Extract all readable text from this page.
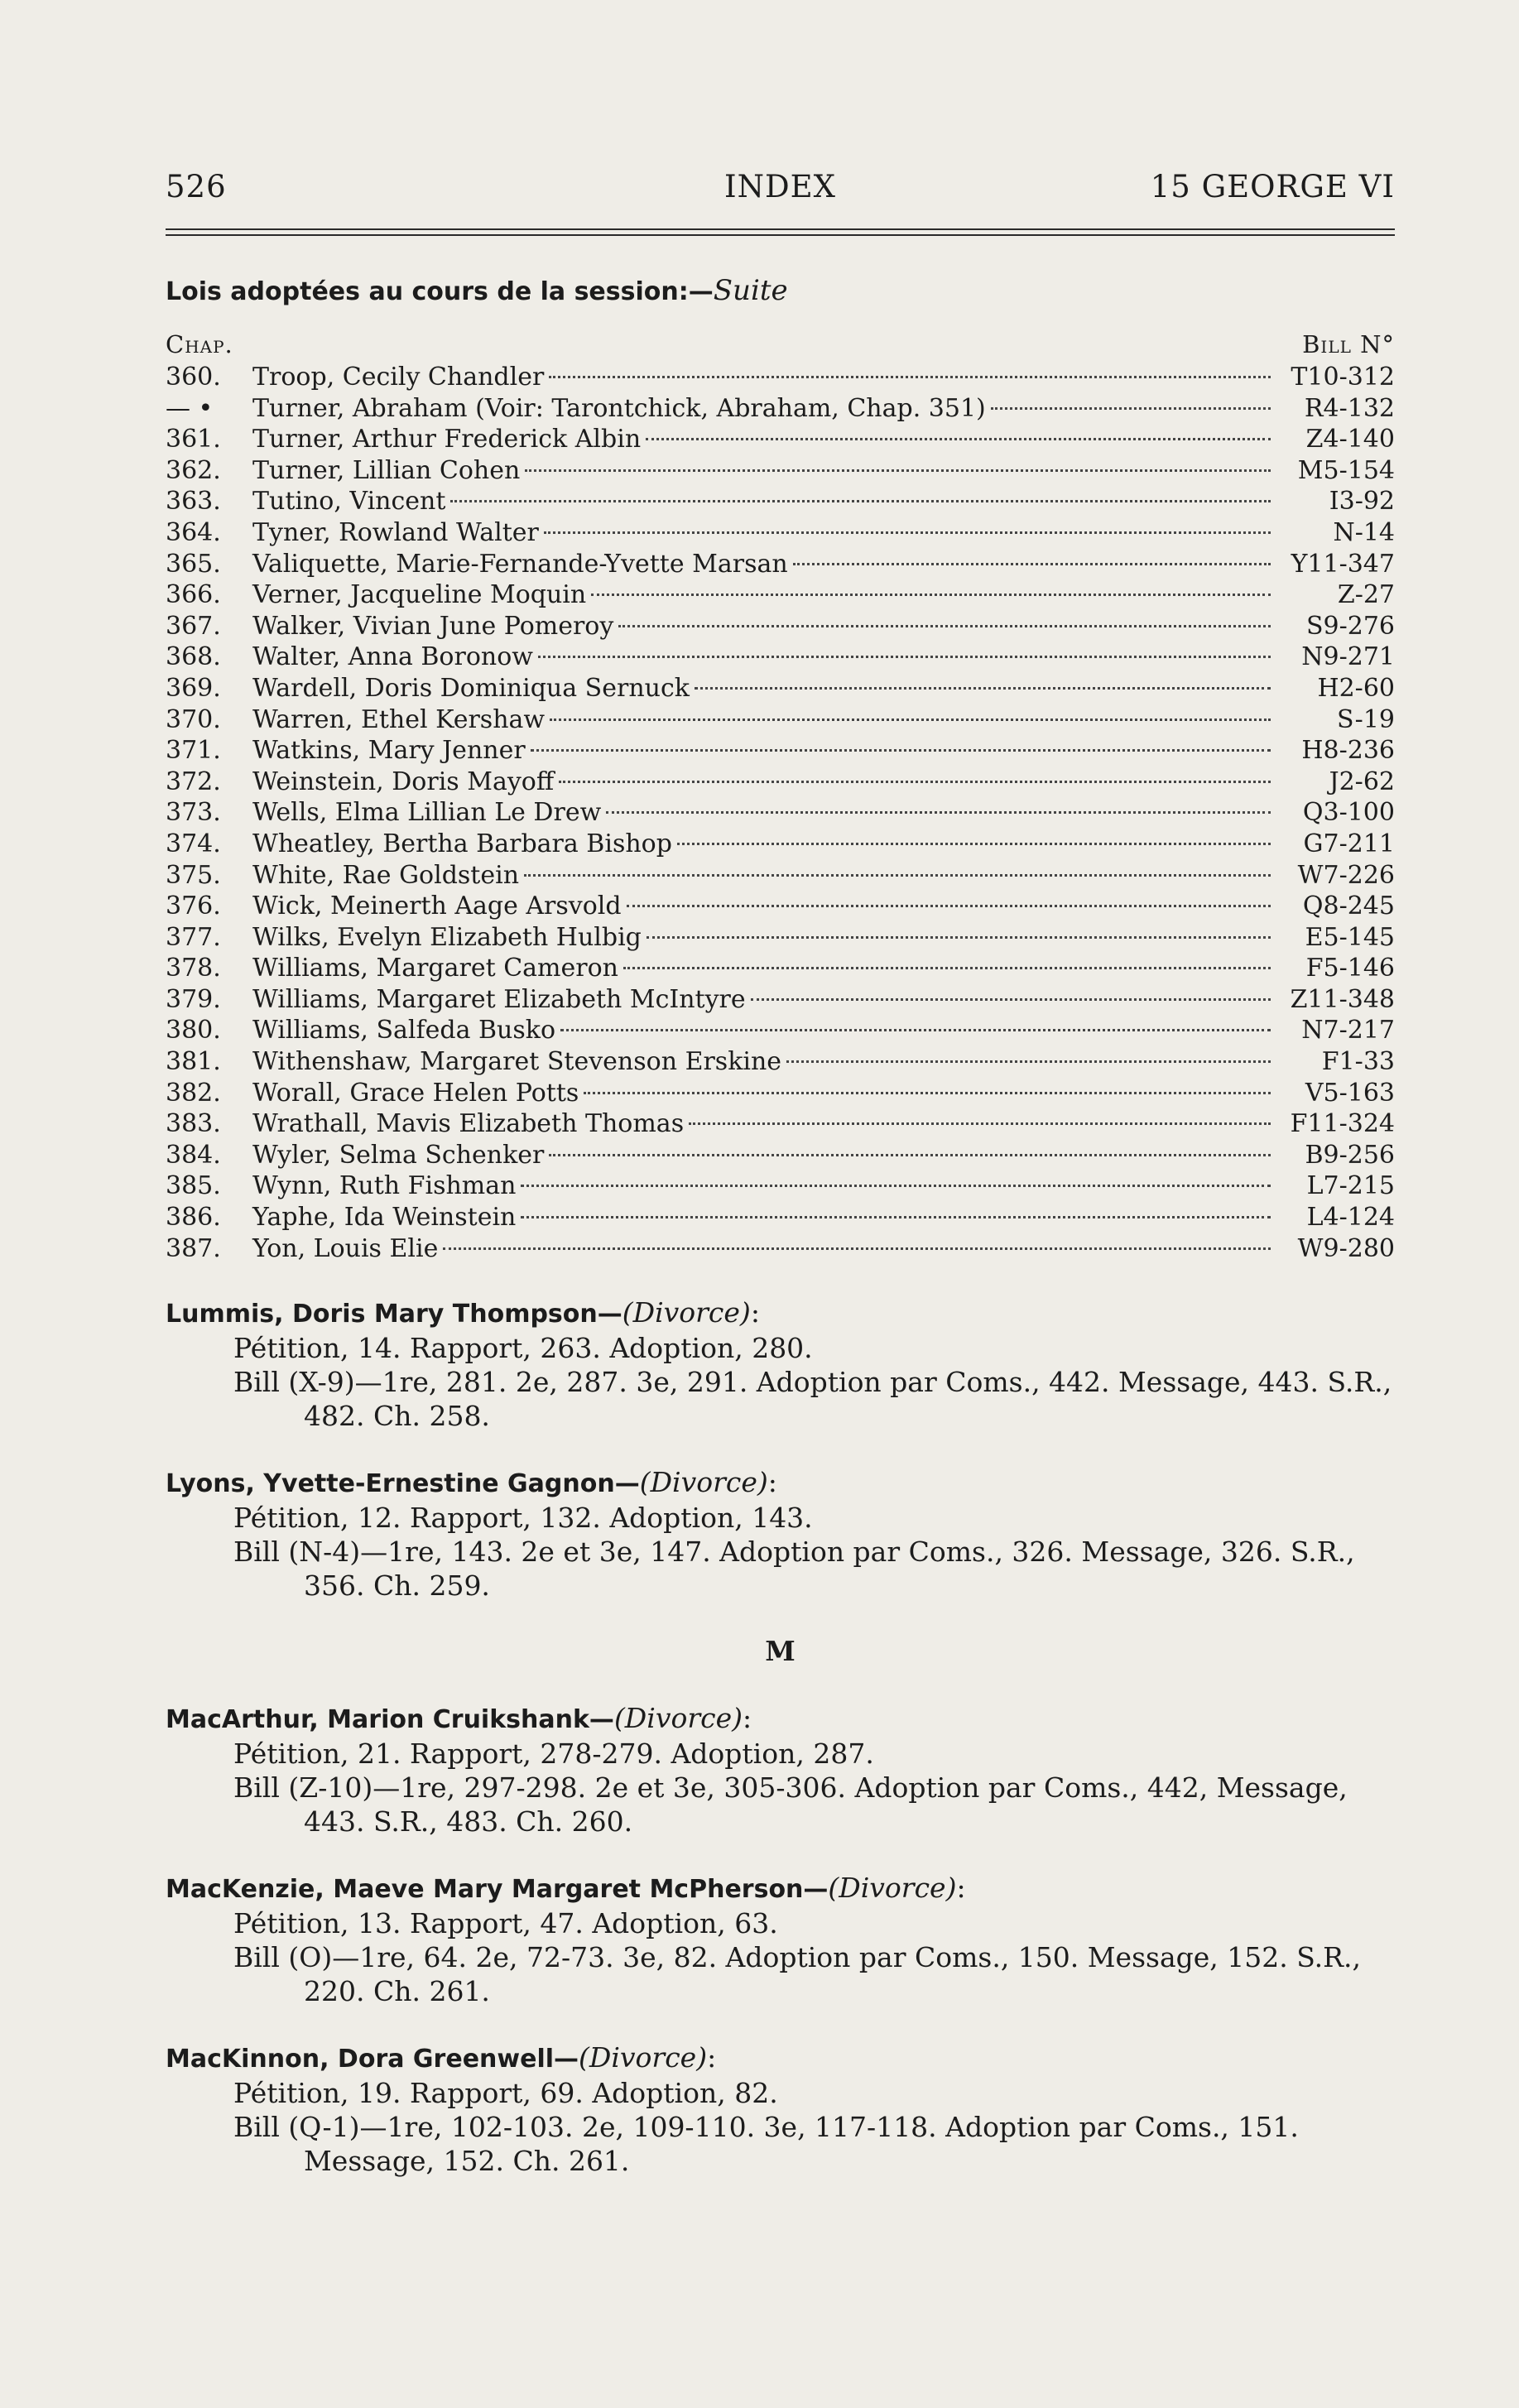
526	INDEX	15 GEORGE VI
Lois adoptées au cours de la session:—Suite
Chap.	Bill N°
360.	Troop, Cecily Chandler	T10-312
— •	Turner, Abraham (Voir: Tarontchick, Abraham, Chap. 351)	R4-132
361.	Turner, Arthur Frederick Albin	Z4-140
362.	Turner, Lillian Cohen	M5-154
363.	Tutino, Vincent	I3-92
364.	Tyner, Rowland Walter	N-14
365.	Valiquette, Marie-Fernande-Yvette Marsan	Y11-347
366.	Verner, Jacqueline Moquin	Z-27
367.	Walker, Vivian June Pomeroy	S9-276
368.	Walter, Anna Boronow	N9-271
369.	Wardell, Doris Dominiqua Sernuck	H2-60
370.	Warren, Ethel Kershaw	S-19
371.	Watkins, Mary Jenner	H8-236
372.	Weinstein, Doris Mayoff	J2-62
373.	Wells, Elma Lillian Le Drew	Q3-100
374.	Wheatley, Bertha Barbara Bishop	G7-211
375.	White, Rae Goldstein	W7-226
376.	Wick, Meinerth Aage Arsvold	Q8-245
377.	Wilks, Evelyn Elizabeth Hulbig	E5-145
378.	Williams, Margaret Cameron	F5-146
379.	Williams, Margaret Elizabeth McIntyre	Z11-348
380.	Williams, Salfeda Busko	N7-217
381.	Withenshaw, Margaret Stevenson Erskine	F1-33
382.	Worall, Grace Helen Potts	V5-163
383.	Wrathall, Mavis Elizabeth Thomas	F11-324
384.	Wyler, Selma Schenker	B9-256
385.	Wynn, Ruth Fishman	L7-215
386.	Yaphe, Ida Weinstein	L4-124
387.	Yon, Louis Elie	W9-280
Lummis, Doris Mary Thompson—(Divorce):
Pétition, 14. Rapport, 263. Adoption, 280.
Bill (X-9)—1re, 281. 2e, 287. 3e, 291. Adoption par Coms., 442. Message, 443. S.R., 482. Ch. 258.
Lyons, Yvette-Ernestine Gagnon—(Divorce):
Pétition, 12. Rapport, 132. Adoption, 143.
Bill (N-4)—1re, 143. 2e et 3e, 147. Adoption par Coms., 326. Message, 326. S.R., 356. Ch. 259.
M
MacArthur, Marion Cruikshank—(Divorce):
Pétition, 21. Rapport, 278-279. Adoption, 287.
Bill (Z-10)—1re, 297-298. 2e et 3e, 305-306. Adoption par Coms., 442, Message, 443. S.R., 483. Ch. 260.
MacKenzie, Maeve Mary Margaret McPherson—(Divorce):
Pétition, 13. Rapport, 47. Adoption, 63.
Bill (O)—1re, 64. 2e, 72-73. 3e, 82. Adoption par Coms., 150. Message, 152. S.R., 220. Ch. 261.
MacKinnon, Dora Greenwell—(Divorce):
Pétition, 19. Rapport, 69. Adoption, 82.
Bill (Q-1)—1re, 102-103. 2e, 109-110. 3e, 117-118. Adoption par Coms., 151. Message, 152. Ch. 261.
